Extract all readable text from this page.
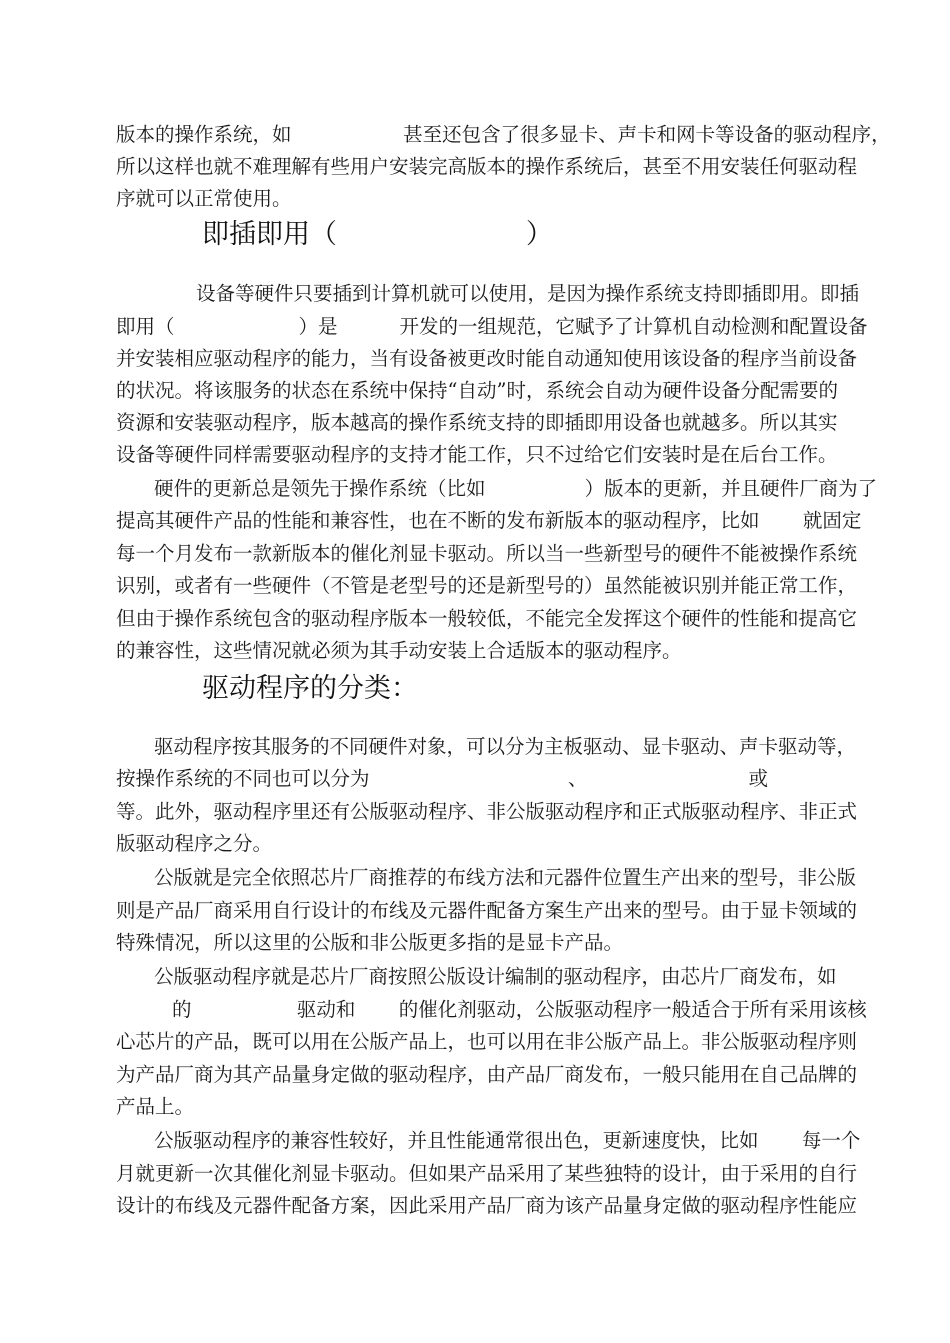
版本的操作系统，如                  甚至还包含了很多显卡、声卡和网卡等设备的驱动程序，
所以这样也就不难理解有些用户安装完高版本的操作系统后，甚至不用安装任何驱动程
序就可以正常使用。
即插即用（                      ）
设备等硬件只要插到计算机就可以使用，是因为操作系统支持即插即用。即插
即用（                    ）是          开发的一组规范，它赋予了计算机自动检测和配置设备
并安装相应驱动程序的能力，当有设备被更改时能自动通知使用该设备的程序当前设备
的状况。将该服务的状态在系统中保持“自动”时，系统会自动为硬件设备分配需要的
资源和安装驱动程序，版本越高的操作系统支持的即插即用设备也就越多。所以其实
设备等硬件同样需要驱动程序的支持才能工作，只不过给它们安装时是在后台工作。
硬件的更新总是领先于操作系统（比如                ）版本的更新，并且硬件厂商为了
提高其硬件产品的性能和兼容性，也在不断的发布新版本的驱动程序，比如       就固定
每一个月发布一款新版本的催化剂显卡驱动。所以当一些新型号的硬件不能被操作系统
识别，或者有一些硬件（不管是老型号的还是新型号的）虽然能被识别并能正常工作，
但由于操作系统包含的驱动程序版本一般较低，不能完全发挥这个硬件的性能和提高它
的兼容性，这些情况就必须为其手动安装上合适版本的驱动程序。
驱动程序的分类：
驱动程序按其服务的不同硬件对象，可以分为主板驱动、显卡驱动、声卡驱动等，
按操作系统的不同也可以分为                                、                          或
等。此外，驱动程序里还有公版驱动程序、非公版驱动程序和正式版驱动程序、非正式
版驱动程序之分。
公版就是完全依照芯片厂商推荐的布线方法和元器件位置生产出来的型号，非公版
则是产品厂商采用自行设计的布线及元器件配备方案生产出来的型号。由于显卡领域的
特殊情况，所以这里的公版和非公版更多指的是显卡产品。
公版驱动程序就是芯片厂商按照公版设计编制的驱动程序，由芯片厂商发布，如
的                 驱动和       的催化剂驱动，公版驱动程序一般适合于所有采用该核
心芯片的产品，既可以用在公版产品上，也可以用在非公版产品上。非公版驱动程序则
为产品厂商为其产品量身定做的驱动程序，由产品厂商发布，一般只能用在自己品牌的
产品上。
公版驱动程序的兼容性较好，并且性能通常很出色，更新速度快，比如       每一个
月就更新一次其催化剂显卡驱动。但如果产品采用了某些独特的设计，由于采用的自行
设计的布线及元器件配备方案，因此采用产品厂商为该产品量身定做的驱动程序性能应
